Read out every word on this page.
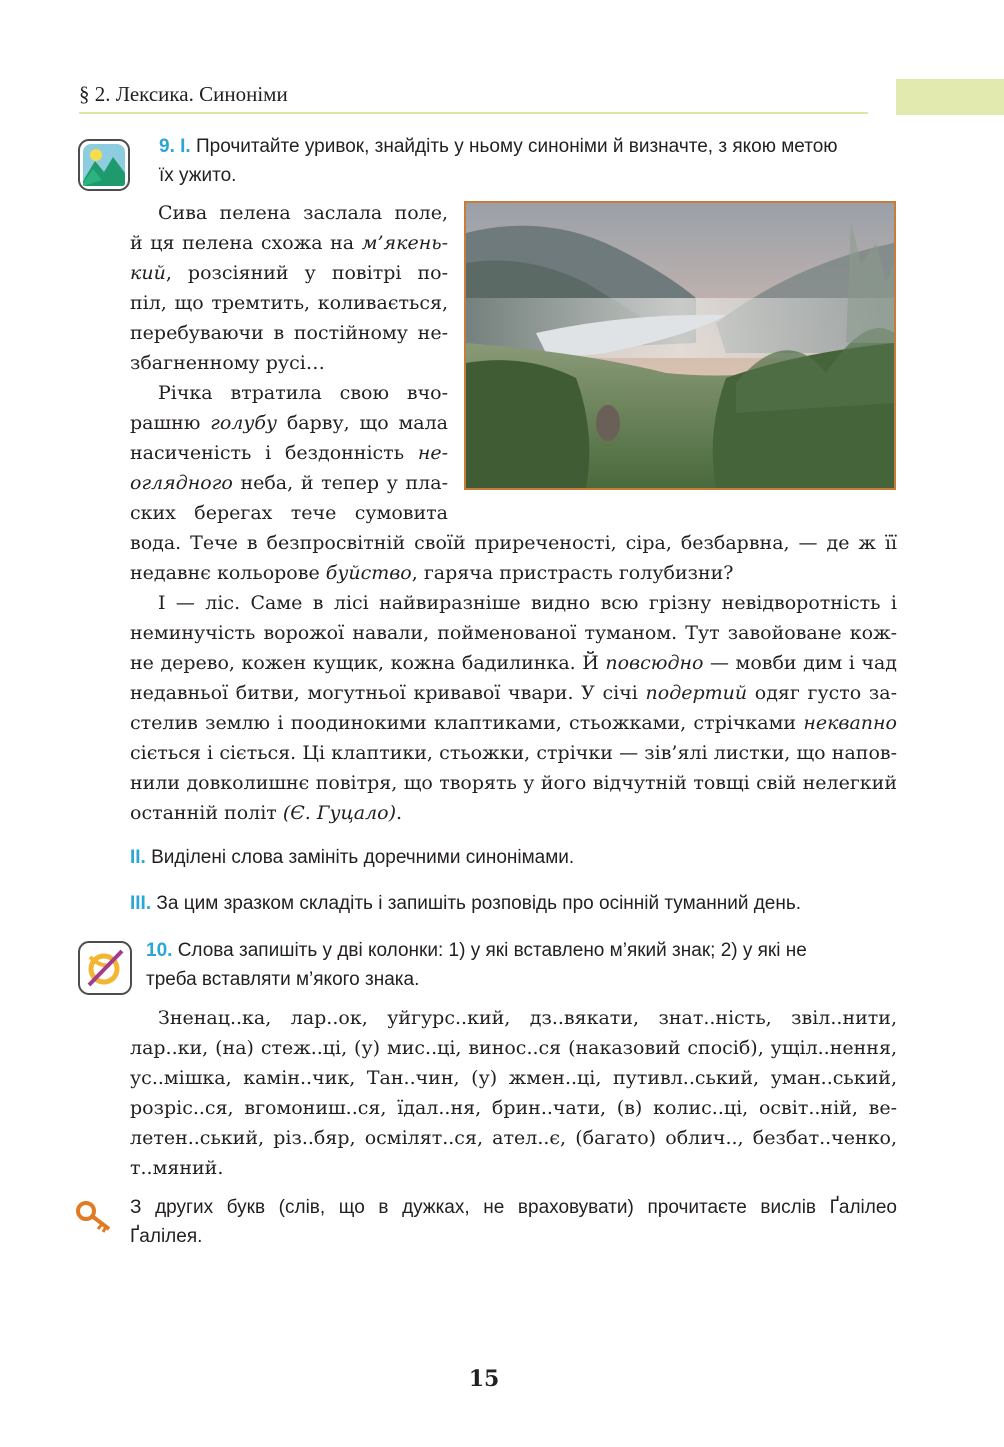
§ 2. Лексика. Синоніми
9. І. Прочитайте уривок, знайдіть у ньому синоніми й визначте, з якою метою
їх ужито.
Сива пелена заслала поле,
й ця пелена схожа на м’якень-
кий, розсіяний у повітрі по-
піл, що тремтить, коливається,
перебуваючи в постійному не-
збагненному русі…
Річка втратила свою вчо-
рашню голубу барву, що мала
насиченість і бездонність не-
оглядного неба, й тепер у пла-
ских берегах тече сумовита
вода. Тече в безпросвітній своїй приреченості, сіра, безбарвна, — де ж її
недавнє кольорове буйство, гаряча пристрасть голубизни?
І — ліс. Саме в лісі найвиразніше видно всю грізну невідворотність і
неминучість ворожої навали, пойменованої туманом. Тут завойоване кож-
не дерево, кожен кущик, кожна бадилинка. Й повсюдно — мовби дим і чад
недавньої битви, могутньої кривавої чвари. У січі подертий одяг густо за-
стелив землю і поодинокими клаптиками, стьожками, стрічками неквапно
сіється і сіється. Ці клаптики, стьожки, стрічки — зів’ялі листки, що напов-
нили довколишнє повітря, що творять у його відчутній товщі свій нелегкий
останній політ (Є. Гуцало).
ІІ. Виділені слова замініть доречними синонімами.
ІІІ. За цим зразком складіть і запишіть розповідь про осінній туманний день.
10. Слова запишіть у дві колонки: 1) у які вставлено м’який знак; 2) у які не
треба вставляти м’якого знака.
Зненац..ка, лар..ок, уйгурс..кий, дз..вякати, знат..ність, звіл..нити,
лар..ки, (на) стеж..ці, (у) мис..ці, винос..ся (наказовий спосіб), ущіл..нення,
ус..мішка, камін..чик, Тан..чин, (у) жмен..ці, путивл..ський, уман..ський,
розріс..ся, вгомониш..ся, їдал..ня, брин..чати, (в) колис..ці, освіт..ній, ве-
летен..ський, різ..бяр, осмілят..ся, ател..є, (багато) облич.., безбат..ченко,
т..мяний.
З других букв (слів, що в дужках, не враховувати) прочитаєте вислів Ґалілео
Ґалілея.
15
